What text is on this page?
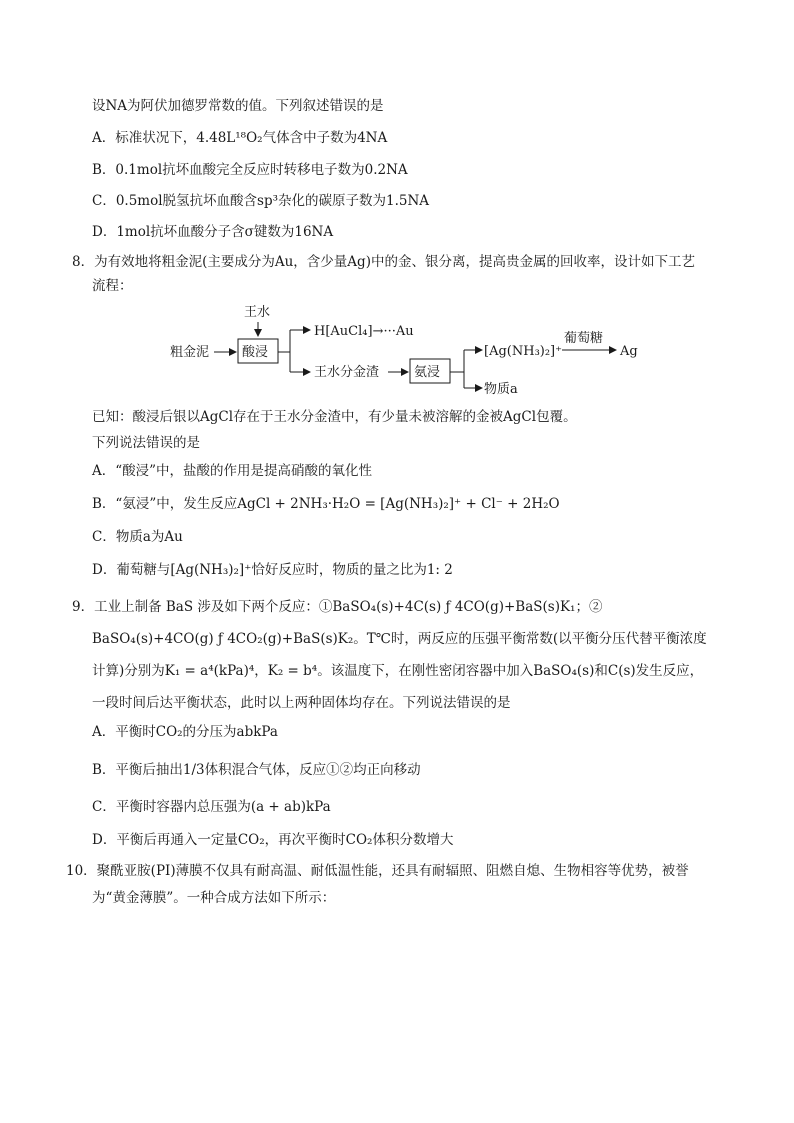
设NA为阿伏加德罗常数的值。下列叙述错误的是
A．标准状况下，4.48L¹⁸O₂气体含中子数为4NA
B．0.1mol抗坏血酸完全反应时转移电子数为0.2NA
C．0.5mol脱氢抗坏血酸含sp³杂化的碳原子数为1.5NA
D．1mol抗坏血酸分子含σ键数为16NA
8．为有效地将粗金泥(主要成分为Au，含少量Ag)中的金、银分离，提高贵金属的回收率，设计如下工艺
流程：
王水
粗金泥	酸浸
H[AuCl₄]→···Au
王水分金渣	氨浸
[Ag(NH₃)₂]⁺
葡萄糖
Ag
物质a
已知：酸浸后银以AgCl存在于王水分金渣中，有少量未被溶解的金被AgCl包覆。
下列说法错误的是
A．“酸浸”中，盐酸的作用是提高硝酸的氧化性
B．“氨浸”中，发生反应AgCl + 2NH₃·H₂O = [Ag(NH₃)₂]⁺ + Cl⁻ + 2H₂O
C．物质a为Au
D．葡萄糖与[Ag(NH₃)₂]⁺恰好反应时，物质的量之比为1: 2
9．工业上制备 BaS 涉及如下两个反应：①BaSO₄(s)+4C(s) ƒ 4CO(g)+BaS(s)K₁；②
BaSO₄(s)+4CO(g) ƒ 4CO₂(g)+BaS(s)K₂。T℃时，两反应的压强平衡常数(以平衡分压代替平衡浓度
计算)分别为K₁ = a⁴(kPa)⁴，K₂ = b⁴。该温度下，在刚性密闭容器中加入BaSO₄(s)和C(s)发生反应，
一段时间后达平衡状态，此时以上两种固体均存在。下列说法错误的是
A．平衡时CO₂的分压为abkPa
B．平衡后抽出1/3体积混合气体，反应①②均正向移动
C．平衡时容器内总压强为(a + ab)kPa
D．平衡后再通入一定量CO₂，再次平衡时CO₂体积分数增大
10．聚酰亚胺(PI)薄膜不仅具有耐高温、耐低温性能，还具有耐辐照、阻燃自熄、生物相容等优势，被誉
为“黄金薄膜”。一种合成方法如下所示：
